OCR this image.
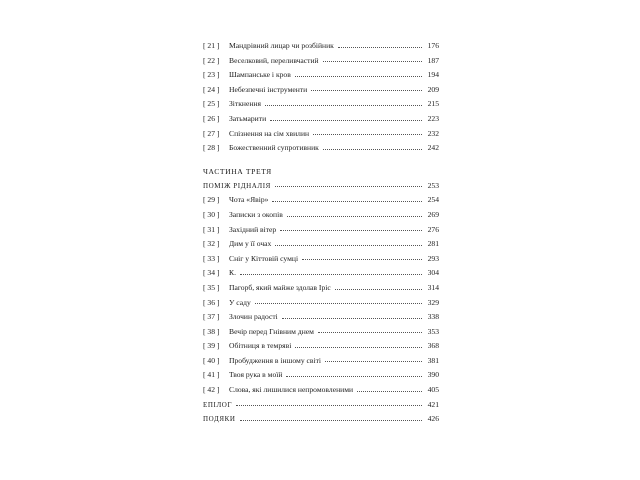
[ 21 ]	Мандрівний лицар чи розбійник	176
[ 22 ]	Веселковий, переливчастий	187
[ 23 ]	Шампанське і кров	194
[ 24 ]	Небезпечні інструменти	209
[ 25 ]	Зіткнення	215
[ 26 ]	Затьмарити	223
[ 27 ]	Спізнення на сім хвилин	232
[ 28 ]	Божественний супротивник	242
ЧАСТИНА ТРЕТЯ
ПОМІЖ РІДНАЛІЯ	253
[ 29 ]	Чота «Явір»	254
[ 30 ]	Записки з окопів	269
[ 31 ]	Західний вітер	276
[ 32 ]	Дим у її очах	281
[ 33 ]	Сніг у Кіттовій сумці	293
[ 34 ]	К.	304
[ 35 ]	Пагорб, який майже здолав Іріс	314
[ 36 ]	У саду	329
[ 37 ]	Злочин радості	338
[ 38 ]	Вечір перед Гнівним днем	353
[ 39 ]	Обітниця в темряві	368
[ 40 ]	Пробудження в іншому світі	381
[ 41 ]	Твоя рука в моїй	390
[ 42 ]	Слова, які лишилися непромовленими	405
ЕПІЛОГ	421
ПОДЯКИ	426
